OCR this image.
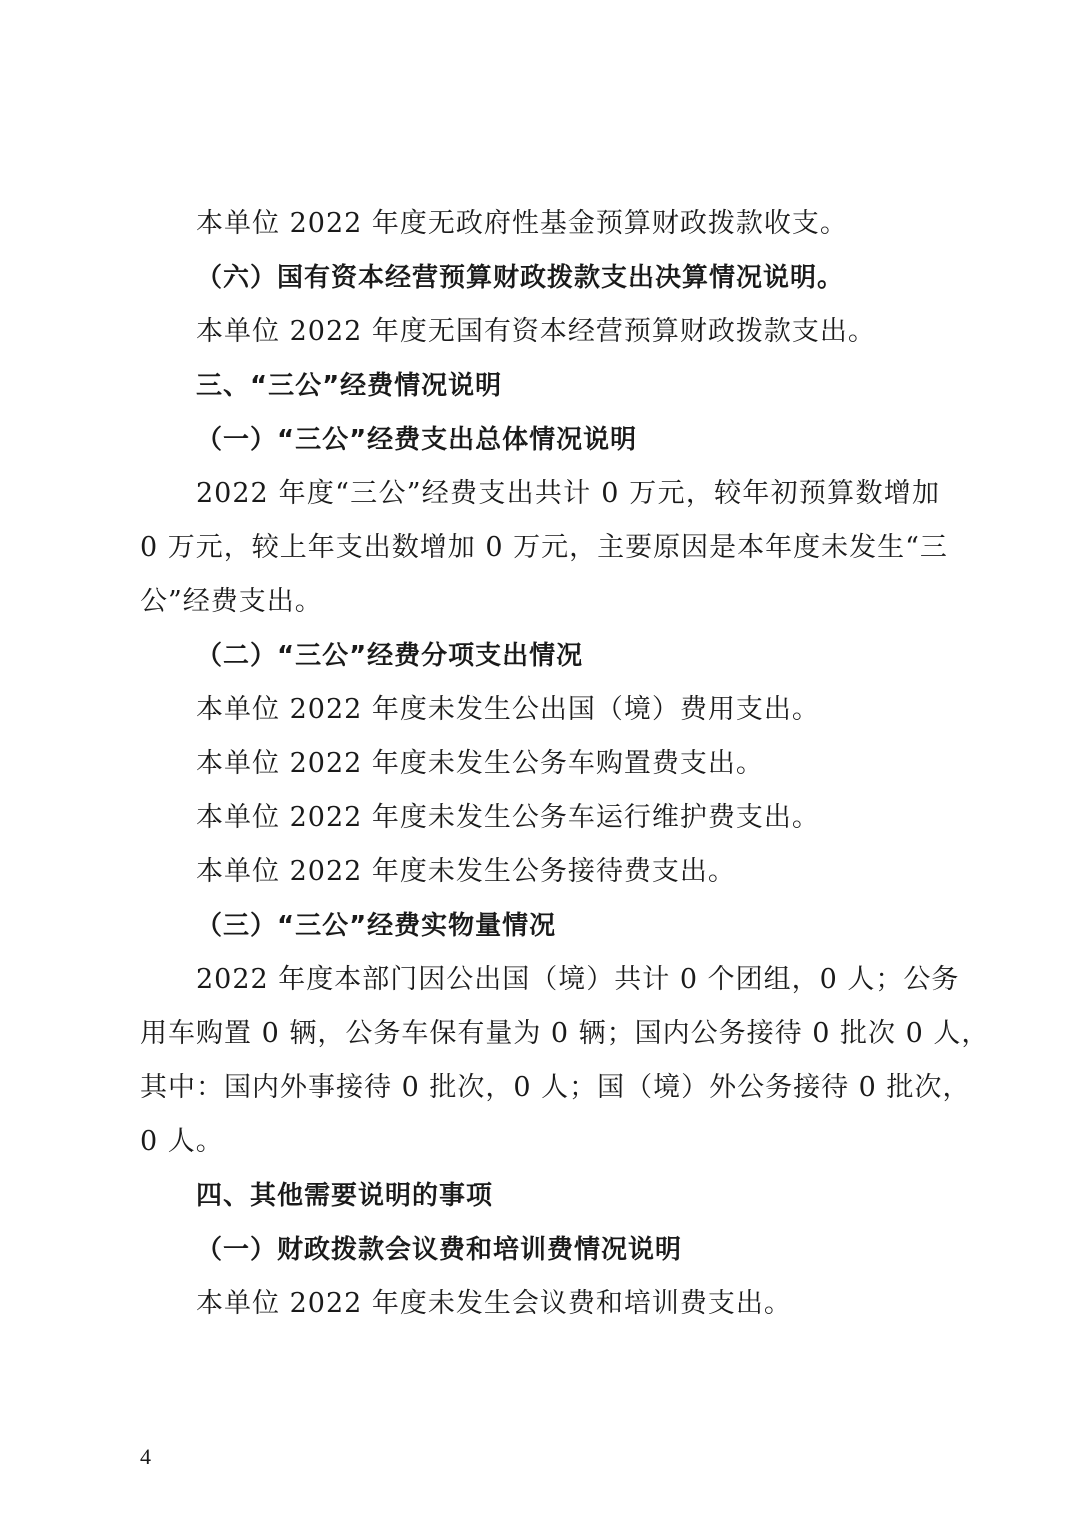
本单位 2022 年度无政府性基金预算财政拨款收支。

（六）国有资本经营预算财政拨款支出决算情况说明。

本单位 2022 年度无国有资本经营预算财政拨款支出。

三、“三公”经费情况说明

（一）“三公”经费支出总体情况说明

2022 年度“三公”经费支出共计 0 万元，较年初预算数增加

0 万元，较上年支出数增加 0 万元，主要原因是本年度未发生“三

公”经费支出。

（二）“三公”经费分项支出情况

本单位 2022 年度未发生公出国（境）费用支出。

本单位 2022 年度未发生公务车购置费支出。

本单位 2022 年度未发生公务车运行维护费支出。

本单位 2022 年度未发生公务接待费支出。

（三）“三公”经费实物量情况

2022 年度本部门因公出国（境）共计 0 个团组，0 人；公务

用车购置 0 辆，公务车保有量为 0 辆；国内公务接待 0 批次 0 人，

其中：国内外事接待 0 批次，0 人；国（境）外公务接待 0 批次，

0 人。

四、其他需要说明的事项

（一）财政拨款会议费和培训费情况说明

本单位 2022 年度未发生会议费和培训费支出。

4
